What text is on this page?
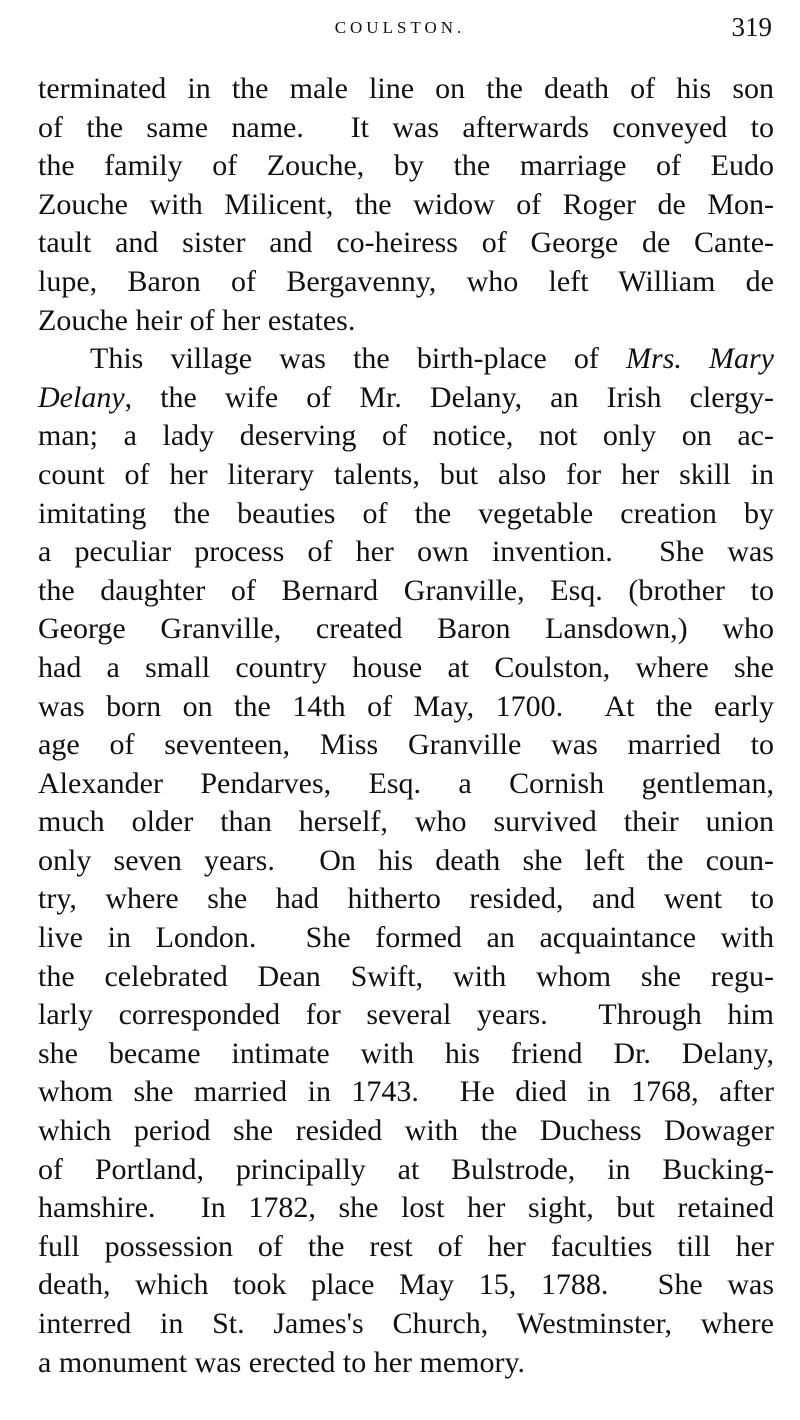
COULSTON.	319
terminated in the male line on the death of his son
of the same name.  It was afterwards conveyed to
the family of Zouche, by the marriage of Eudo
Zouche with Milicent, the widow of Roger de Mon-
tault and sister and co-heiress of George de Cante-
lupe, Baron of Bergavenny, who left William de
Zouche heir of her estates.
This village was the birth-place of Mrs. Mary
Delany, the wife of Mr. Delany, an Irish clergy-
man; a lady deserving of notice, not only on ac-
count of her literary talents, but also for her skill in
imitating the beauties of the vegetable creation by
a peculiar process of her own invention.  She was
the daughter of Bernard Granville, Esq. (brother to
George Granville, created Baron Lansdown,) who
had a small country house at Coulston, where she
was born on the 14th of May, 1700.  At the early
age of seventeen, Miss Granville was married to
Alexander Pendarves, Esq. a Cornish gentleman,
much older than herself, who survived their union
only seven years.  On his death she left the coun-
try, where she had hitherto resided, and went to
live in London.  She formed an acquaintance with
the celebrated Dean Swift, with whom she regu-
larly corresponded for several years.  Through him
she became intimate with his friend Dr. Delany,
whom she married in 1743.  He died in 1768, after
which period she resided with the Duchess Dowager
of Portland, principally at Bulstrode, in Bucking-
hamshire.  In 1782, she lost her sight, but retained
full possession of the rest of her faculties till her
death, which took place May 15, 1788.  She was
interred in St. James's Church, Westminster, where
a monument was erected to her memory.
